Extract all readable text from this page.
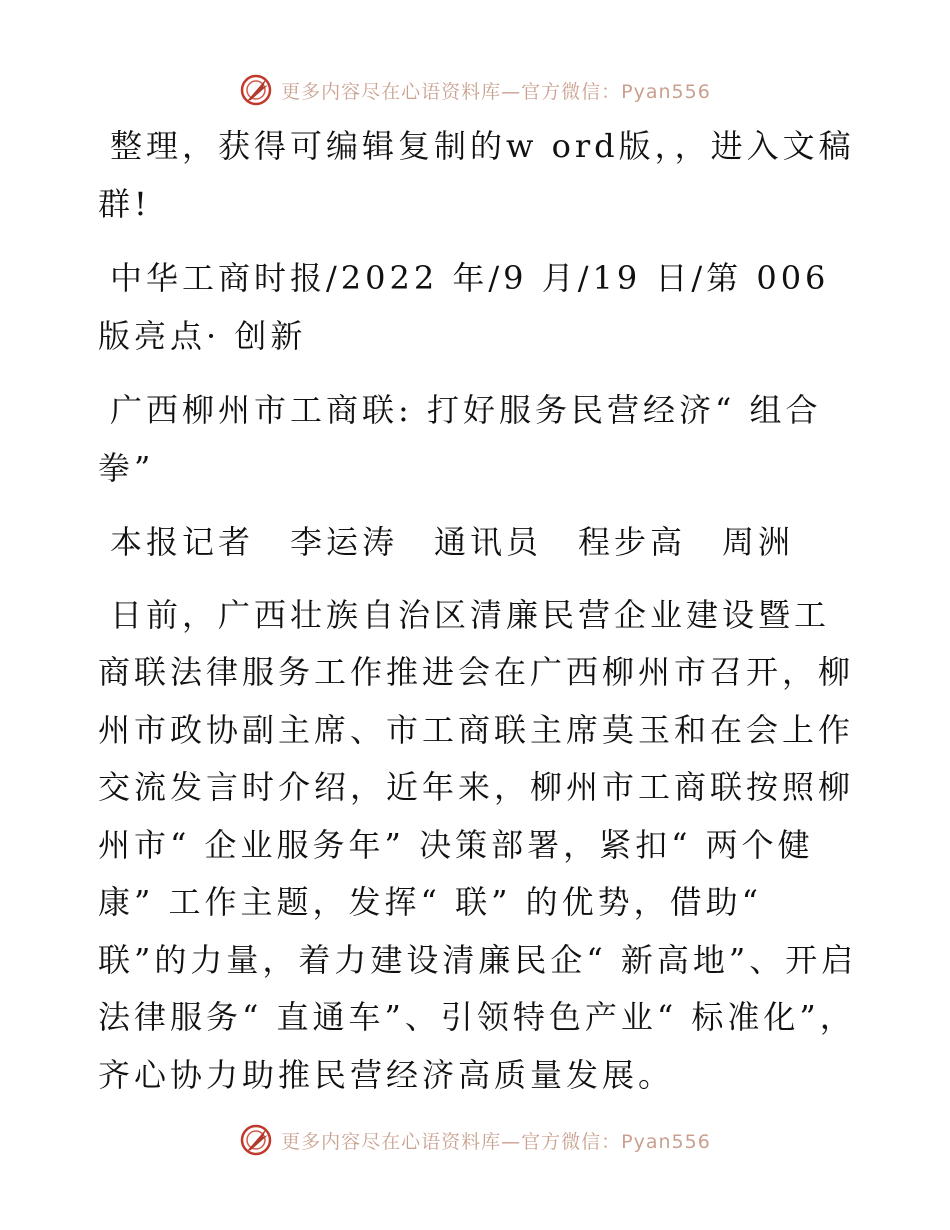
更多内容尽在心语资料库—官方微信：Pyan556

整理，获得可编辑复制的w ord版，，进入文稿群!

中华工商时报/2022 年/9 月/19 日/第 006 版亮点· 创新

广西柳州市工商联: 打好服务民营经济“ 组合拳”

本报记者　李运涛　通讯员　程步高　周洲

日前，广西壮族自治区清廉民营企业建设暨工商联法律服务工作推进会在广西柳州市召开，柳州市政协副主席、市工商联主席莫玉和在会上作交流发言时介绍，近年来，柳州市工商联按照柳州市“ 企业服务年” 决策部署，紧扣“ 两个健康” 工作主题，发挥“ 联” 的优势，借助“ 联”的力量，着力建设清廉民企“ 新高地”、开启法律服务“ 直通车”、引领特色产业“ 标准化”，齐心协力助推民营经济高质量发展。

更多内容尽在心语资料库—官方微信：Pyan556
